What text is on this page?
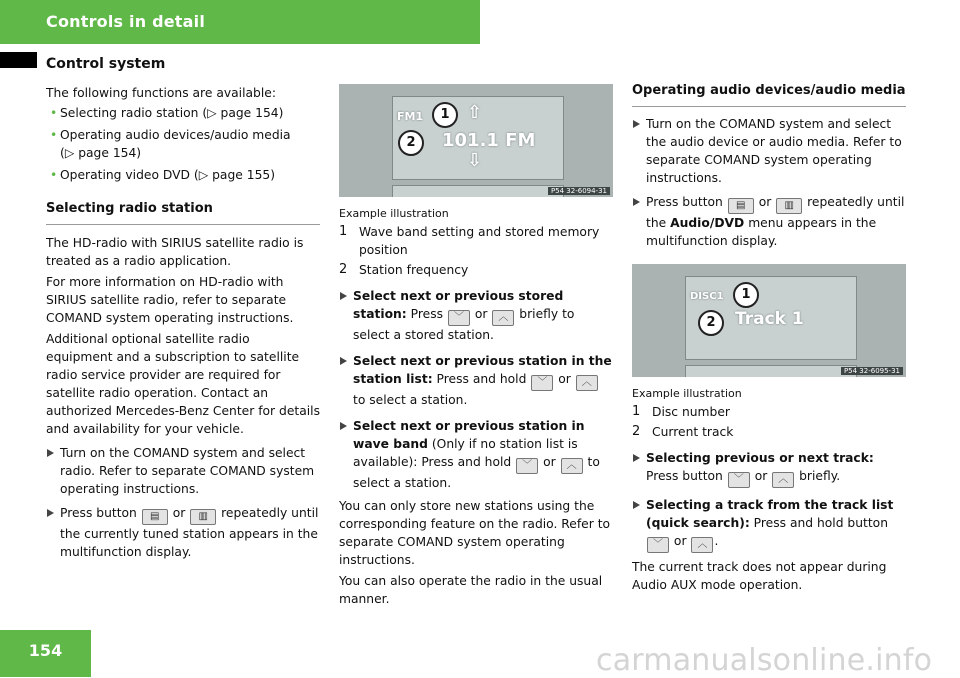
Controls in detail
Control system

The following functions are available:

• Selecting radio station (▷ page 154)

• Operating audio devices/audio media
(▷ page 154)

• Operating video DVD (▷ page 155)

Selecting radio station

The HD-radio with SIRIUS satellite radio is treated as a radio application.

For more information on HD-radio with SIRIUS satellite radio, refer to separate COMAND system operating instructions.

Additional optional satellite radio equipment and a subscription to satellite radio service provider are required for satellite radio operation. Contact an authorized Mercedes-Benz Center for details and availability for your vehicle.

Turn on the COMAND system and select radio. Refer to separate COMAND system operating instructions.

Press button ▤ or ▥ repeatedly until the currently tuned station appears in the multifunction display.

FM1 ⇧
101.1 FM
⇩
1
2
P54 32-6094-31

Example illustration

1 Wave band setting and stored memory position

2 Station frequency

Select next or previous stored station: Press ﹀ or ︿ briefly to select a stored station.

Select next or previous station in the station list: Press and hold ﹀ or ︿ to select a station.

Select next or previous station in wave band (Only if no station list is available): Press and hold ﹀ or ︿ to select a station.

You can only store new stations using the corresponding feature on the radio. Refer to separate COMAND system operating instructions.

You can also operate the radio in the usual manner.

Operating audio devices/audio media

Turn on the COMAND system and select the audio device or audio media. Refer to separate COMAND system operating instructions.

Press button ▤ or ▥ repeatedly until the Audio/DVD menu appears in the multifunction display.

DISC1
Track 1
1
2
P54 32-6095-31

Example illustration

1 Disc number

2 Current track

Selecting previous or next track: Press button ﹀ or ︿ briefly.

Selecting a track from the track list (quick search): Press and hold button ﹀ or ︿ .

The current track does not appear during Audio AUX mode operation.

154	carmanualsonline.info
